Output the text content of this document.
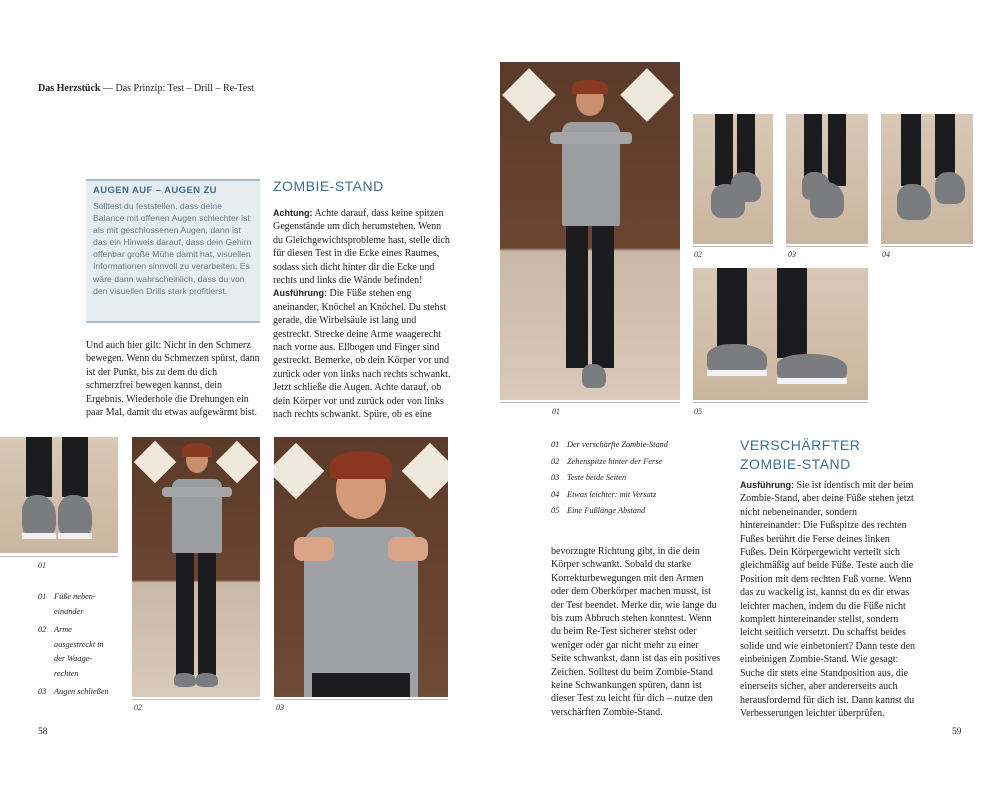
Das Herzstück — Das Prinzip: Test – Drill – Re-Test
AUGEN AUF – AUGEN ZU
Solltest du feststellen, dass deine Balance mit offenen Augen schlechter ist als mit geschlossenen Augen, dann ist das ein Hinweis darauf, dass dein Gehirn offenbar große Mühe damit hat, visuellen Informationen sinnvoll zu verarbeiten. Es wäre dann wahrscheinlich, dass du von den visuellen Drills stark profitierst.
Und auch hier gilt: Nicht in den Schmerz bewegen. Wenn du Schmerzen spürst, dann ist der Punkt, bis zu dem du dich schmerzfrei bewegen kannst, dein Ergebnis. Wiederhole die Drehungen ein paar Mal, damit du etwas aufgewärmt bist.
ZOMBIE-STAND
Achtung: Achte darauf, dass keine spitzen Gegenstände um dich herumstehen. Wenn du Gleichgewichtsprobleme hast, stelle dich für diesen Test in die Ecke eines Raumes, sodass sich dicht hinter dir die Ecke und rechts und links die Wände befinden!
Ausführung: Die Füße stehen eng aneinander, Knöchel an Knöchel. Du stehst gerade, die Wirbelsäule ist lang und gestreckt. Strecke deine Arme waagerecht nach vorne aus. Ellbogen und Finger sind gestreckt. Bemerke, ob dein Körper vor und zurück oder von links nach rechts schwankt. Jetzt schließe die Augen. Achte darauf, ob dein Körper vor und zurück oder von links nach rechts schwankt. Spüre, ob es eine
01
02	03
01 Füße neben-einander
02 Arme ausgestreckt in der Waage-rechten
03 Augen schließen
58
01
02	03	04
05
01 Der verschärfte Zombie-Stand
02 Zehenspitze hinter der Ferse
03 Teste beide Seiten
04 Etwas leichter: mit Versatz
05 Eine Fußlänge Abstand
bevorzugte Richtung gibt, in die dein Körper schwankt. Sobald du starke Korrekturbewegungen mit den Armen oder dem Oberkörper machen musst, ist der Test beendet. Merke dir, wie lange du bis zum Abbruch stehen konntest. Wenn du beim Re-Test sicherer stehst oder weniger oder gar nicht mehr zu einer Seite schwankst, dann ist das ein positives Zeichen. Solltest du beim Zombie-Stand keine Schwankungen spüren, dann ist dieser Test zu leicht für dich – nutze den verschärften Zombie-Stand.
VERSCHÄRFTER
ZOMBIE-STAND
Ausführung: Sie ist identisch mit der beim Zombie-Stand, aber deine Füße stehen jetzt nicht nebeneinander, sondern hintereinander: Die Fußspitze des rechten Fußes berührt die Ferse deines linken Fußes. Dein Körpergewicht verteilt sich gleichmäßig auf beide Füße. Teste auch die Position mit dem rechten Fuß vorne. Wenn das zu wackelig ist, kannst du es dir etwas leichter machen, indem du die Füße nicht komplett hintereinander stellst, sondern leicht seitlich versetzt. Du schaffst beides solide und wie einbetoniert? Dann teste den einbeinigen Zombie-Stand. Wie gesagt: Suche dir stets eine Standposition aus, die einerseits sicher, aber andererseits auch herausfordernd für dich ist. Dann kannst du Verbesserungen leichter überprüfen.
59
